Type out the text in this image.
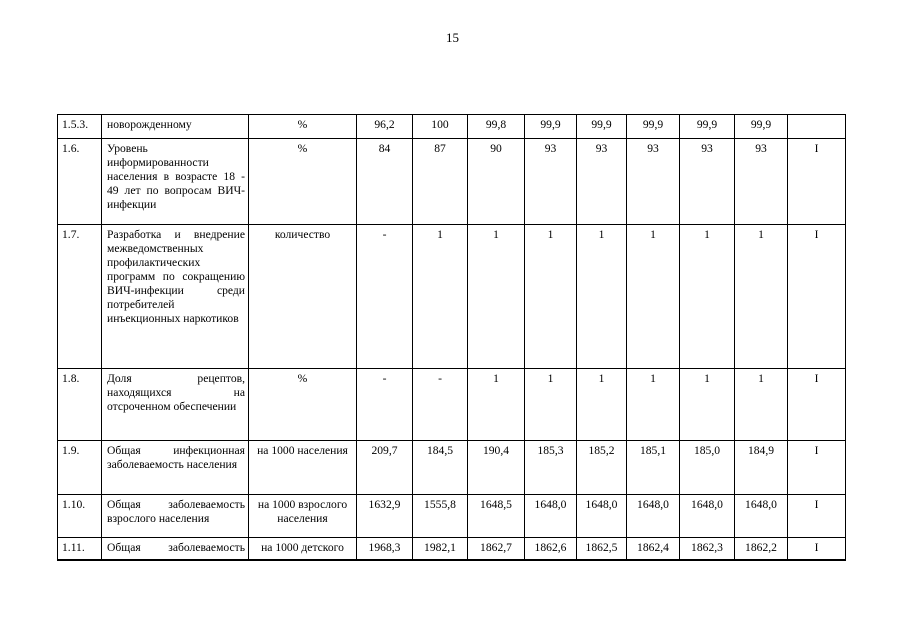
15
1.5.3.	новорожденному	%	96,2	100	99,8	99,9	99,9	99,9	99,9	99,9	
1.6.	Уровень информированности населения в возрасте 18 - 49 лет по вопросам ВИЧ-инфекции	%	84	87	90	93	93	93	93	93	I
1.7.	Разработка и внедрение межведомственных профилактических программ по сокращению ВИЧ-инфекции среди потребителей инъекционных наркотиков	количество	-	1	1	1	1	1	1	1	I
1.8.	Доля рецептов, находящихся на отсроченном обеспечении	%	-	-	1	1	1	1	1	1	I
1.9.	Общая инфекционная заболеваемость населения	на 1000 населения	209,7	184,5	190,4	185,3	185,2	185,1	185,0	184,9	I
1.10.	Общая заболеваемость взрослого населения	на 1000 взрослого населения	1632,9	1555,8	1648,5	1648,0	1648,0	1648,0	1648,0	1648,0	I
1.11.	Общая заболеваемость	на 1000 детского	1968,3	1982,1	1862,7	1862,6	1862,5	1862,4	1862,3	1862,2	I
